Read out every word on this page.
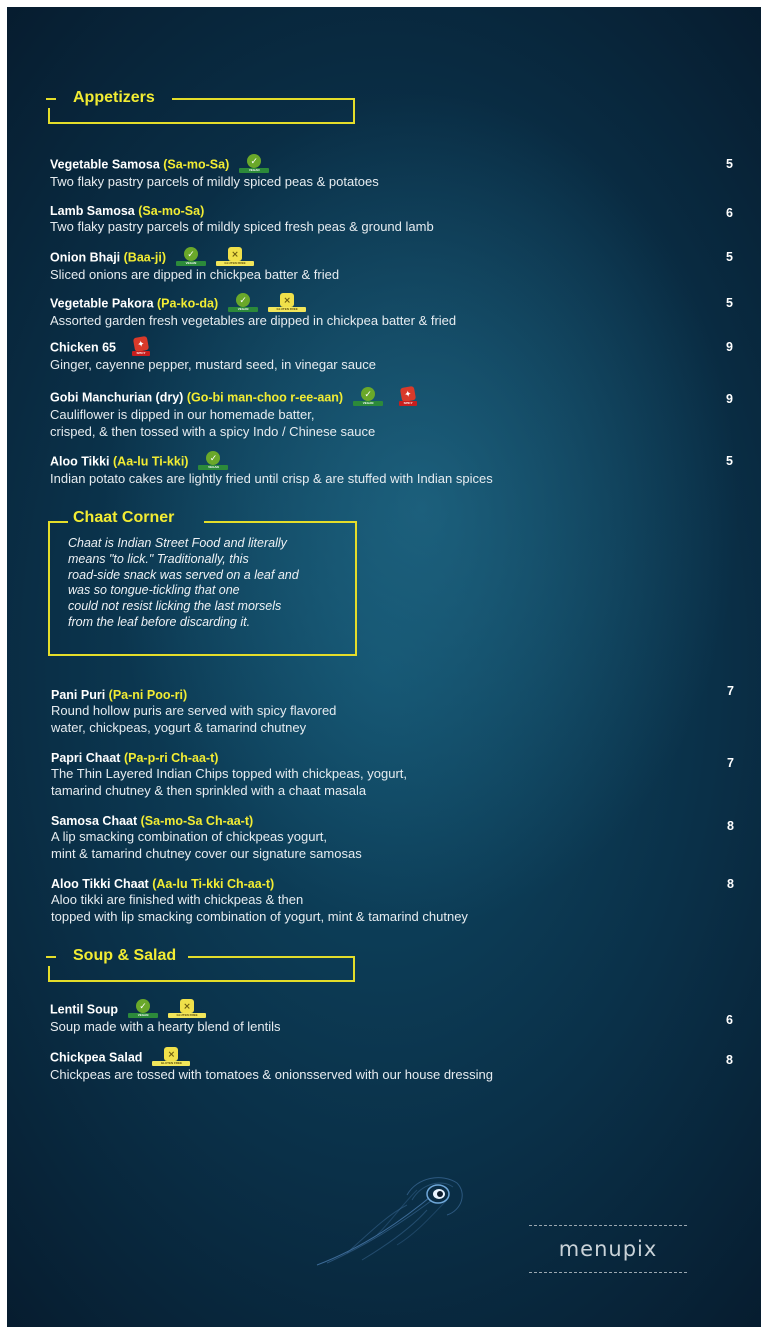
Appetizers
Vegetable Samosa (Sa-mo-Sa)	✓
VEGAN
Two flaky pastry parcels of mildly spiced peas & potatoes
5
Lamb Samosa (Sa-mo-Sa)
Two flaky pastry parcels of mildly spiced fresh peas & ground lamb
6
Onion Bhaji (Baa-ji)	✓
VEGAN
⨯
GLUTEN FREE
Sliced onions are dipped in chickpea batter & fried
5
Vegetable Pakora (Pa-ko-da)	✓
VEGAN
⨯
GLUTEN FREE
Assorted garden fresh vegetables are dipped in chickpea batter & fried
5
Chicken 65	✦
SPICY
Ginger, cayenne pepper, mustard seed, in vinegar sauce
9
Gobi Manchurian (dry) (Go-bi man-choo r-ee-aan)	✓
VEGAN
✦
SPICY
Cauliflower is dipped in our homemade batter,
crisped, & then tossed with a spicy Indo / Chinese sauce
9
Aloo Tikki (Aa-lu Ti-kki)	✓
VEGAN
Indian potato cakes are lightly fried until crisp & are stuffed with Indian spices
5
Chaat Corner
Chaat is Indian Street Food and literally
means "to lick." Traditionally, this
road-side snack was served on a leaf and
was so tongue-tickling that one
could not resist licking the last morsels
from the leaf before discarding it.
Pani Puri (Pa-ni Poo-ri)
Round hollow puris are served with spicy flavored
water, chickpeas, yogurt & tamarind chutney
7
Papri Chaat (Pa-p-ri Ch-aa-t)
The Thin Layered Indian Chips topped with chickpeas, yogurt,
tamarind chutney & then sprinkled with a chaat masala
7
Samosa Chaat (Sa-mo-Sa Ch-aa-t)
A lip smacking combination of chickpeas yogurt,
mint & tamarind chutney cover our signature samosas
8
Aloo Tikki Chaat (Aa-lu Ti-kki Ch-aa-t)
Aloo tikki are finished with chickpeas & then
topped with lip smacking combination of yogurt, mint & tamarind chutney
8
Soup & Salad
Lentil Soup	✓
VEGAN
⨯
GLUTEN FREE
Soup made with a hearty blend of lentils	6
Chickpea Salad	⨯
GLUTEN FREE
Chickpeas are tossed with tomatoes & onionsserved with our house dressing
8
menupix
